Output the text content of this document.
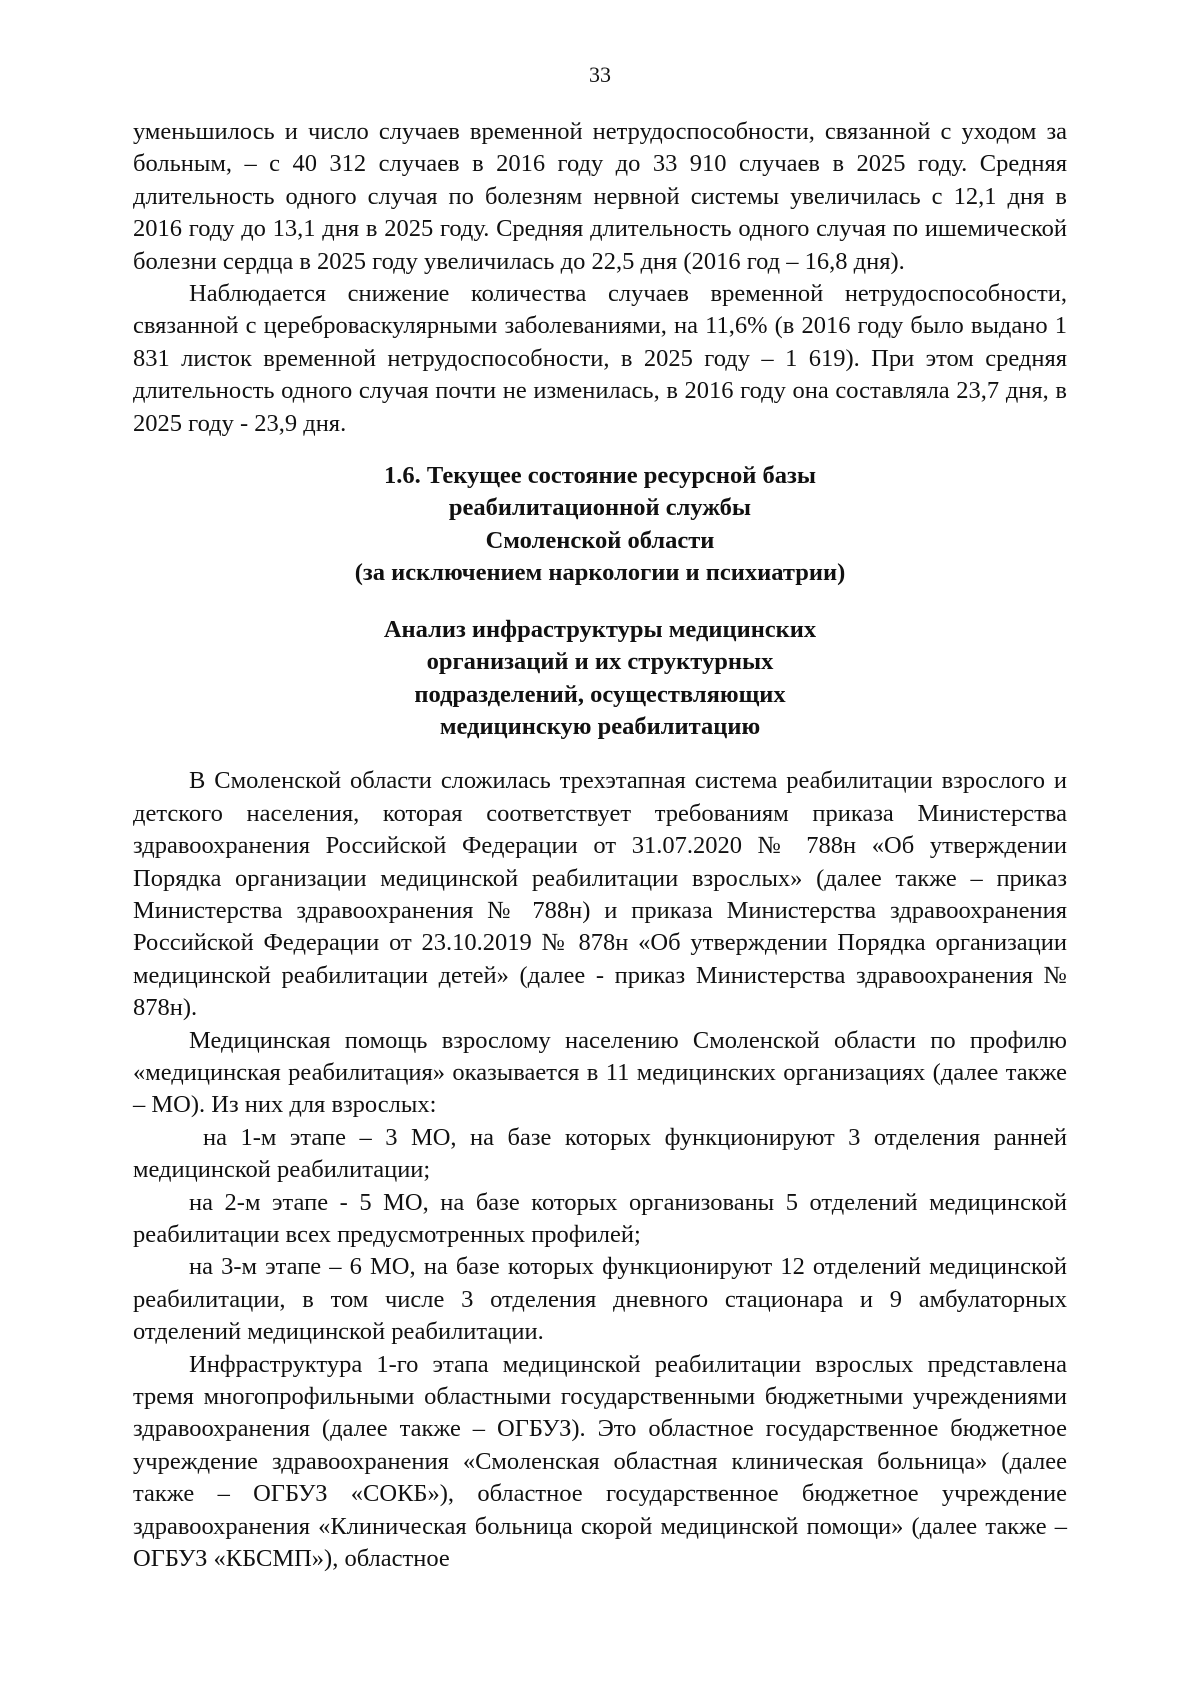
33

уменьшилось и число случаев временной нетрудоспособности, связанной с уходом за больным, – с 40 312 случаев в 2016 году до 33 910 случаев в 2025 году. Средняя длительность одного случая по болезням нервной системы увеличилась с 12,1 дня в 2016 году до 13,1 дня в 2025 году. Средняя длительность одного случая по ишемической болезни сердца в 2025 году увеличилась до 22,5 дня (2016 год – 16,8 дня).

Наблюдается снижение количества случаев временной нетрудоспособности, связанной с цереброваскулярными заболеваниями, на 11,6% (в 2016 году было выдано 1 831 листок временной нетрудоспособности, в 2025 году – 1 619). При этом средняя длительность одного случая почти не изменилась, в 2016 году она составляла 23,7 дня, в 2025 году - 23,9 дня.

1.6. Текущее состояние ресурсной базы
реабилитационной службы
Смоленской области
(за исключением наркологии и психиатрии)
Анализ инфраструктуры медицинских
организаций и их структурных
подразделений, осуществляющих
медицинскую реабилитацию

В Смоленской области сложилась трехэтапная система реабилитации взрослого и детского населения, которая соответствует требованиям приказа Министерства здравоохранения Российской Федерации от 31.07.2020 № 788н «Об утверждении Порядка организации медицинской реабилитации взрослых» (далее также – приказ Министерства здравоохранения № 788н) и приказа Министерства здравоохранения Российской Федерации от 23.10.2019 № 878н «Об утверждении Порядка организации медицинской реабилитации детей» (далее - приказ Министерства здравоохранения № 878н).

Медицинская помощь взрослому населению Смоленской области по профилю «медицинская реабилитация» оказывается в 11 медицинских организациях (далее также – МО). Из них для взрослых:

на 1-м этапе – 3 МО, на базе которых функционируют 3 отделения ранней медицинской реабилитации;

на 2-м этапе - 5 МО, на базе которых организованы 5 отделений медицинской реабилитации всех предусмотренных профилей;

на 3-м этапе – 6 МО, на базе которых функционируют 12 отделений медицинской реабилитации, в том числе 3 отделения дневного стационара и 9 амбулаторных отделений медицинской реабилитации.

Инфраструктура 1-го этапа медицинской реабилитации взрослых представлена тремя многопрофильными областными государственными бюджетными учреждениями здравоохранения (далее также – ОГБУЗ). Это областное государственное бюджетное учреждение здравоохранения «Смоленская областная клиническая больница» (далее также – ОГБУЗ «СОКБ»), областное государственное бюджетное учреждение здравоохранения «Клиническая больница скорой медицинской помощи» (далее также – ОГБУЗ «КБСМП»), областное
